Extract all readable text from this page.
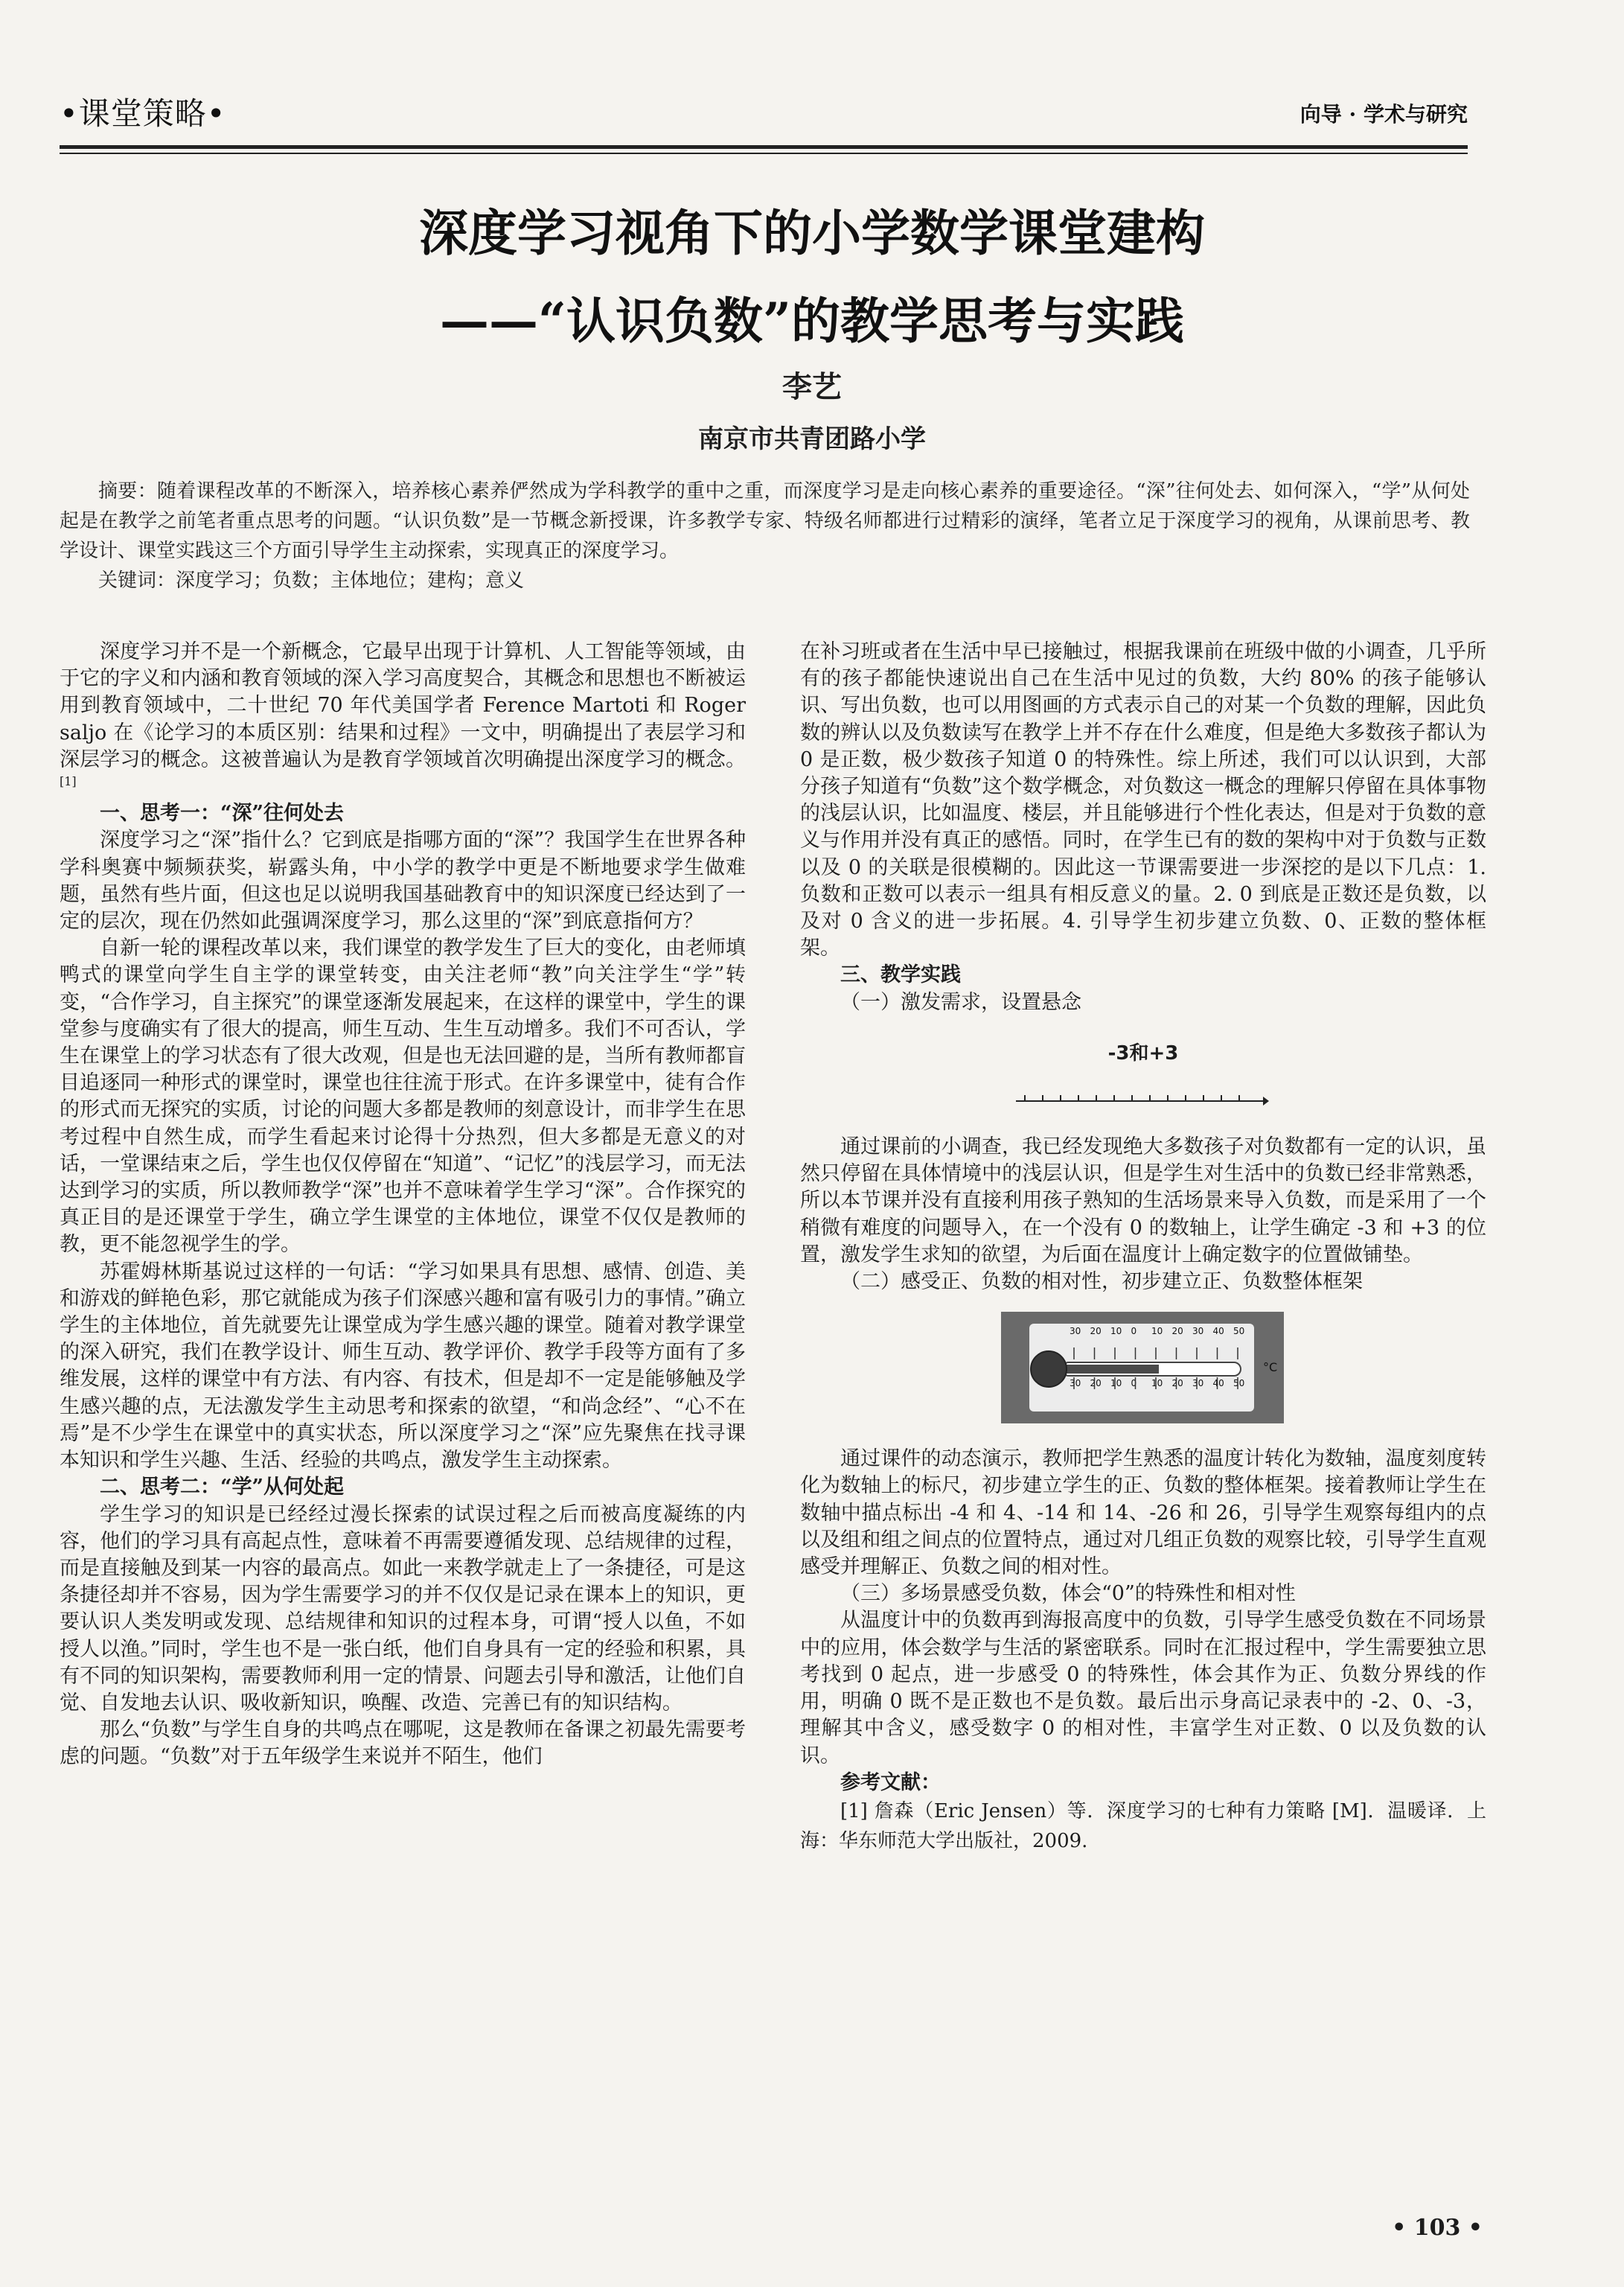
•课堂策略•	向导 · 学术与研究
深度学习视角下的小学数学课堂建构
——“认识负数”的教学思考与实践
李艺
南京市共青团路小学

摘要：随着课程改革的不断深入，培养核心素养俨然成为学科教学的重中之重，而深度学习是走向核心素养的重要途径。“深”往何处去、如何深入，“学”从何处起是在教学之前笔者重点思考的问题。“认识负数”是一节概念新授课，许多教学专家、特级名师都进行过精彩的演绎，笔者立足于深度学习的视角，从课前思考、教学设计、课堂实践这三个方面引导学生主动探索，实现真正的深度学习。

关键词：深度学习；负数；主体地位；建构；意义

深度学习并不是一个新概念，它最早出现于计算机、人工智能等领域，由于它的字义和内涵和教育领域的深入学习高度契合，其概念和思想也不断被运用到教育领域中，二十世纪 70 年代美国学者 Ference Martoti 和 Roger saljo 在《论学习的本质区别：结果和过程》一文中，明确提出了表层学习和深层学习的概念。这被普遍认为是教育学领域首次明确提出深度学习的概念。[1]

一、思考一：“深”往何处去

深度学习之“深”指什么？它到底是指哪方面的“深”？我国学生在世界各种学科奥赛中频频获奖，崭露头角，中小学的教学中更是不断地要求学生做难题，虽然有些片面，但这也足以说明我国基础教育中的知识深度已经达到了一定的层次，现在仍然如此强调深度学习，那么这里的“深”到底意指何方？

自新一轮的课程改革以来，我们课堂的教学发生了巨大的变化，由老师填鸭式的课堂向学生自主学的课堂转变，由关注老师“教”向关注学生“学”转变，“合作学习，自主探究”的课堂逐渐发展起来，在这样的课堂中，学生的课堂参与度确实有了很大的提高，师生互动、生生互动增多。我们不可否认，学生在课堂上的学习状态有了很大改观，但是也无法回避的是，当所有教师都盲目追逐同一种形式的课堂时，课堂也往往流于形式。在许多课堂中，徒有合作的形式而无探究的实质，讨论的问题大多都是教师的刻意设计，而非学生在思考过程中自然生成，而学生看起来讨论得十分热烈，但大多都是无意义的对话，一堂课结束之后，学生也仅仅停留在“知道”、“记忆”的浅层学习，而无法达到学习的实质，所以教师教学“深”也并不意味着学生学习“深”。合作探究的真正目的是还课堂于学生，确立学生课堂的主体地位，课堂不仅仅是教师的教，更不能忽视学生的学。

苏霍姆林斯基说过这样的一句话：“学习如果具有思想、感情、创造、美和游戏的鲜艳色彩，那它就能成为孩子们深感兴趣和富有吸引力的事情。”确立学生的主体地位，首先就要先让课堂成为学生感兴趣的课堂。随着对教学课堂的深入研究，我们在教学设计、师生互动、教学评价、教学手段等方面有了多维发展，这样的课堂中有方法、有内容、有技术，但是却不一定是能够触及学生感兴趣的点，无法激发学生主动思考和探索的欲望，“和尚念经”、“心不在焉”是不少学生在课堂中的真实状态，所以深度学习之“深”应先聚焦在找寻课本知识和学生兴趣、生活、经验的共鸣点，激发学生主动探索。

二、思考二：“学”从何处起

学生学习的知识是已经经过漫长探索的试误过程之后而被高度凝练的内容，他们的学习具有高起点性，意味着不再需要遵循发现、总结规律的过程，而是直接触及到某一内容的最高点。如此一来教学就走上了一条捷径，可是这条捷径却并不容易，因为学生需要学习的并不仅仅是记录在课本上的知识，更要认识人类发明或发现、总结规律和知识的过程本身，可谓“授人以鱼，不如授人以渔。”同时，学生也不是一张白纸，他们自身具有一定的经验和积累，具有不同的知识架构，需要教师利用一定的情景、问题去引导和激活，让他们自觉、自发地去认识、吸收新知识，唤醒、改造、完善已有的知识结构。

那么“负数”与学生自身的共鸣点在哪呢，这是教师在备课之初最先需要考虑的问题。“负数”对于五年级学生来说并不陌生，他们

在补习班或者在生活中早已接触过，根据我课前在班级中做的小调查，几乎所有的孩子都能快速说出自己在生活中见过的负数，大约 80% 的孩子能够认识、写出负数，也可以用图画的方式表示自己的对某一个负数的理解，因此负数的辨认以及负数读写在教学上并不存在什么难度，但是绝大多数孩子都认为 0 是正数，极少数孩子知道 0 的特殊性。综上所述，我们可以认识到，大部分孩子知道有“负数”这个数学概念，对负数这一概念的理解只停留在具体事物的浅层认识，比如温度、楼层，并且能够进行个性化表达，但是对于负数的意义与作用并没有真正的感悟。同时，在学生已有的数的架构中对于负数与正数以及 0 的关联是很模糊的。因此这一节课需要进一步深挖的是以下几点：1. 负数和正数可以表示一组具有相反意义的量。2. 0 到底是正数还是负数，以及对 0 含义的进一步拓展。4. 引导学生初步建立负数、0、正数的整体框架。

三、教学实践

（一）激发需求，设置悬念

-3和+3

通过课前的小调查，我已经发现绝大多数孩子对负数都有一定的认识，虽然只停留在具体情境中的浅层认识，但是学生对生活中的负数已经非常熟悉，所以本节课并没有直接利用孩子熟知的生活场景来导入负数，而是采用了一个稍微有难度的问题导入，在一个没有 0 的数轴上，让学生确定 -3 和 +3 的位置，激发学生求知的欲望，为后面在温度计上确定数字的位置做铺垫。

（二）感受正、负数的相对性，初步建立正、负数整体框架

30
30
20
20
10
10
0
0
10
10
20
20
30
30
40
40
50
50
°C

通过课件的动态演示，教师把学生熟悉的温度计转化为数轴，温度刻度转化为数轴上的标尺，初步建立学生的正、负数的整体框架。接着教师让学生在数轴中描点标出 -4 和 4、-14 和 14、-26 和 26，引导学生观察每组内的点以及组和组之间点的位置特点，通过对几组正负数的观察比较，引导学生直观感受并理解正、负数之间的相对性。

（三）多场景感受负数，体会“0”的特殊性和相对性

从温度计中的负数再到海报高度中的负数，引导学生感受负数在不同场景中的应用，体会数学与生活的紧密联系。同时在汇报过程中，学生需要独立思考找到 0 起点，进一步感受 0 的特殊性，体会其作为正、负数分界线的作用，明确 0 既不是正数也不是负数。最后出示身高记录表中的 -2、0、-3，理解其中含义，感受数字 0 的相对性，丰富学生对正数、0 以及负数的认识。

参考文献：

[1] 詹森（Eric Jensen）等．深度学习的七种有力策略 [M]．温暖译．上海：华东师范大学出版社，2009.

• 103 •
